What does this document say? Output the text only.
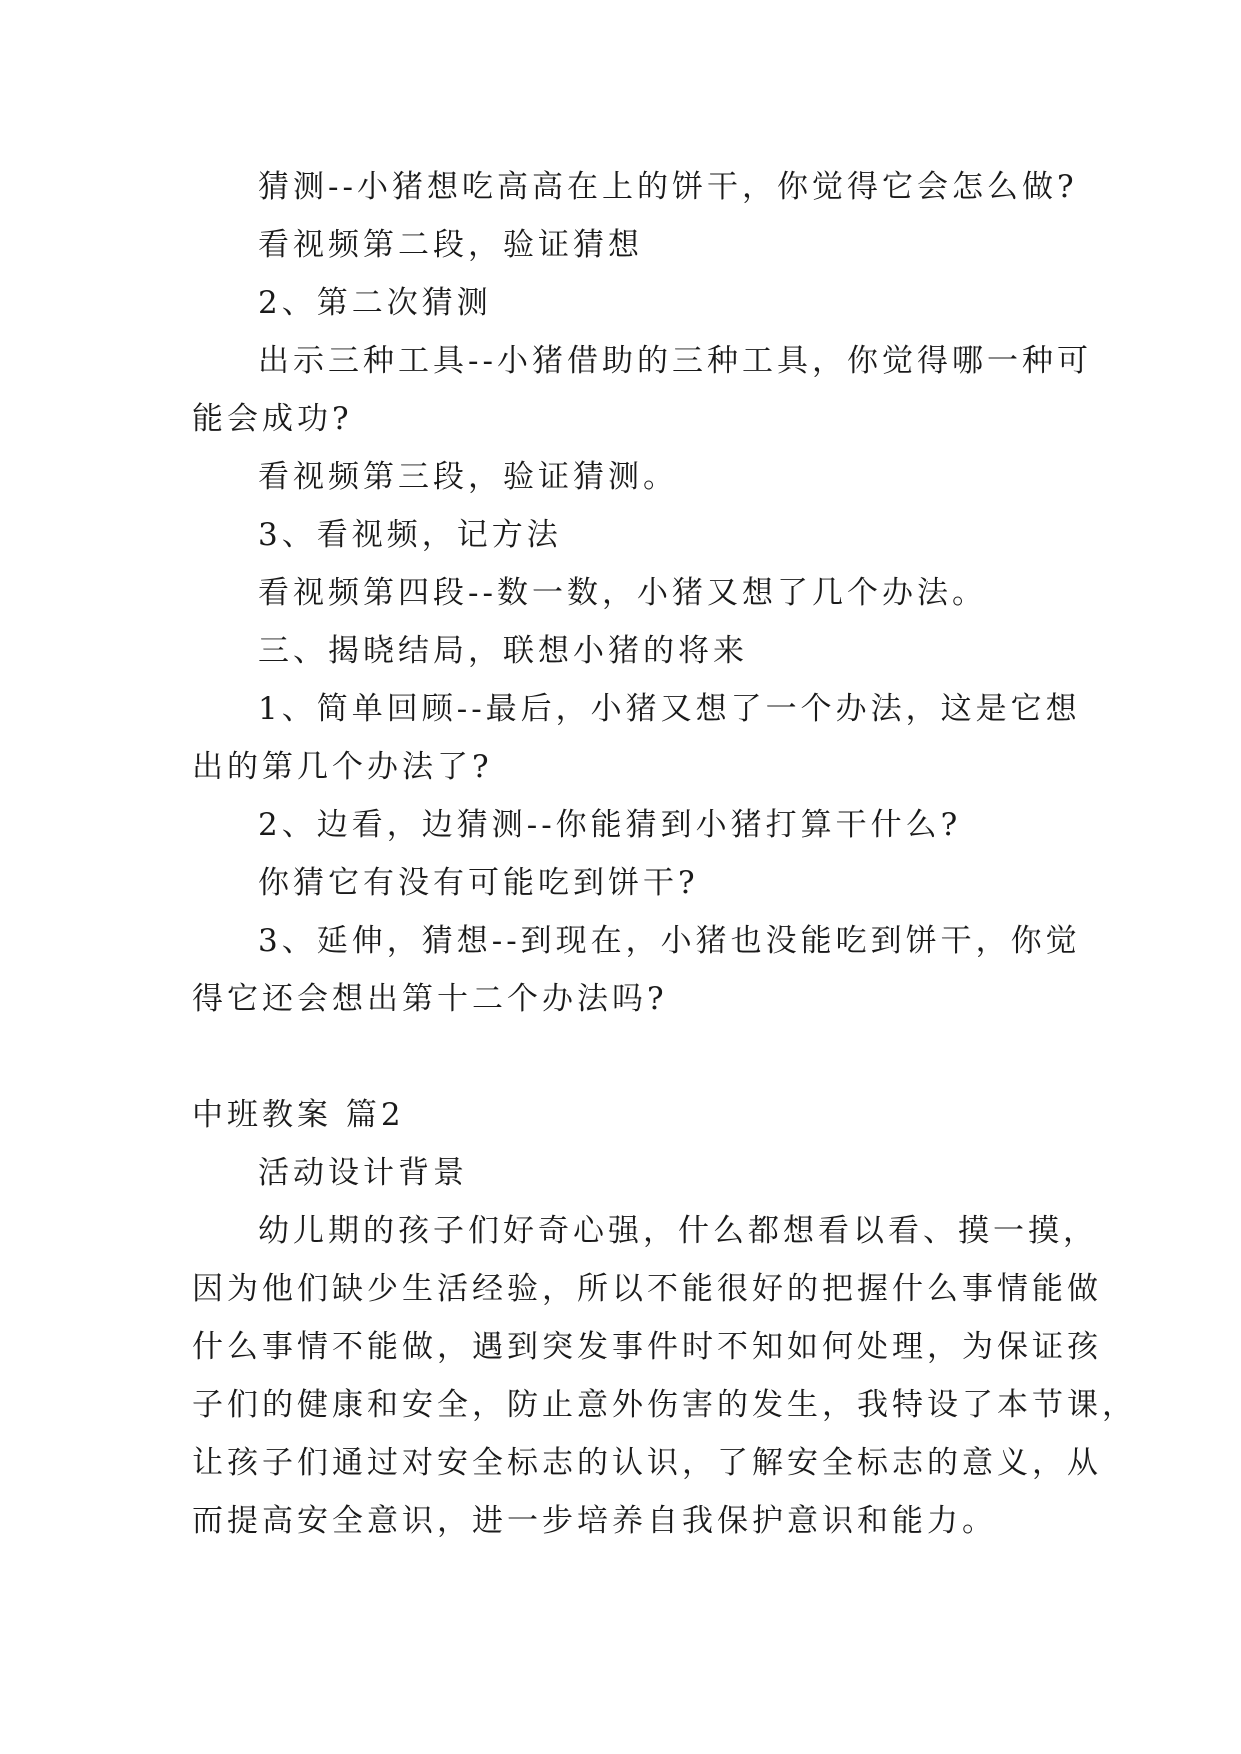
猜测--小猪想吃高高在上的饼干，你觉得它会怎么做?
看视频第二段，验证猜想
2、第二次猜测
出示三种工具--小猪借助的三种工具，你觉得哪一种可
能会成功?
看视频第三段，验证猜测。
3、看视频，记方法
看视频第四段--数一数，小猪又想了几个办法。
三、揭晓结局，联想小猪的将来
1、简单回顾--最后，小猪又想了一个办法，这是它想
出的第几个办法了?
2、边看，边猜测--你能猜到小猪打算干什么?
你猜它有没有可能吃到饼干?
3、延伸，猜想--到现在，小猪也没能吃到饼干，你觉
得它还会想出第十二个办法吗?
中班教案 篇2
活动设计背景
幼儿期的孩子们好奇心强，什么都想看以看、摸一摸，
因为他们缺少生活经验，所以不能很好的把握什么事情能做
什么事情不能做，遇到突发事件时不知如何处理，为保证孩
子们的健康和安全，防止意外伤害的发生，我特设了本节课，
让孩子们通过对安全标志的认识，了解安全标志的意义，从
而提高安全意识，进一步培养自我保护意识和能力。
